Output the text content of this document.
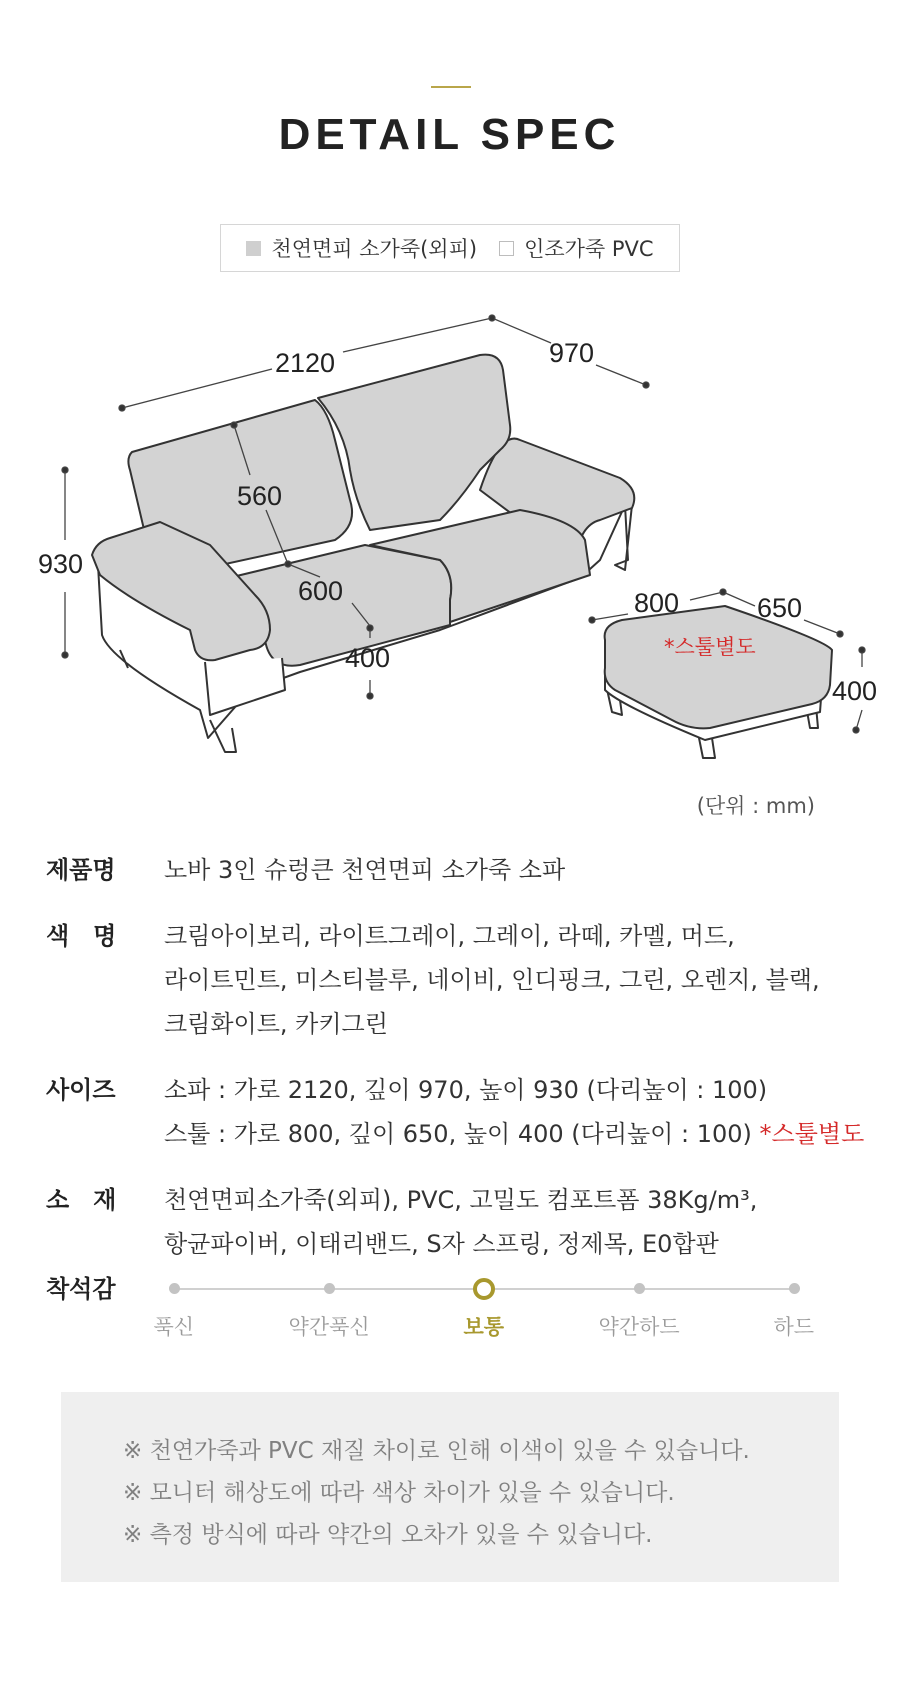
DETAIL SPEC
천연면피 소가죽(외피) 인조가죽 PVC
2120	970
930
560
600
400
800	650
400
*스툴별도
(단위 : mm)
제품명	노바 3인 슈렁큰 천연면피 소가죽 소파
색　명	크림아이보리, 라이트그레이, 그레이, 라떼, 카멜, 머드,
라이트민트, 미스티블루, 네이비, 인디핑크, 그린, 오렌지, 블랙,
크림화이트, 카키그린
사이즈	소파 : 가로 2120, 깊이 970, 높이 930 (다리높이 : 100)
스툴 : 가로 800, 깊이 650, 높이 400 (다리높이 : 100) *스툴별도
소　재	천연면피소가죽(외피), PVC, 고밀도 컴포트폼 38Kg/m³,
항균파이버, 이태리밴드, S자 스프링, 정제목, E0합판
착석감
푹신	약간푹신	보통	약간하드	하드
※ 천연가죽과 PVC 재질 차이로 인해 이색이 있을 수 있습니다.
※ 모니터 해상도에 따라 색상 차이가 있을 수 있습니다.
※ 측정 방식에 따라 약간의 오차가 있을 수 있습니다.
